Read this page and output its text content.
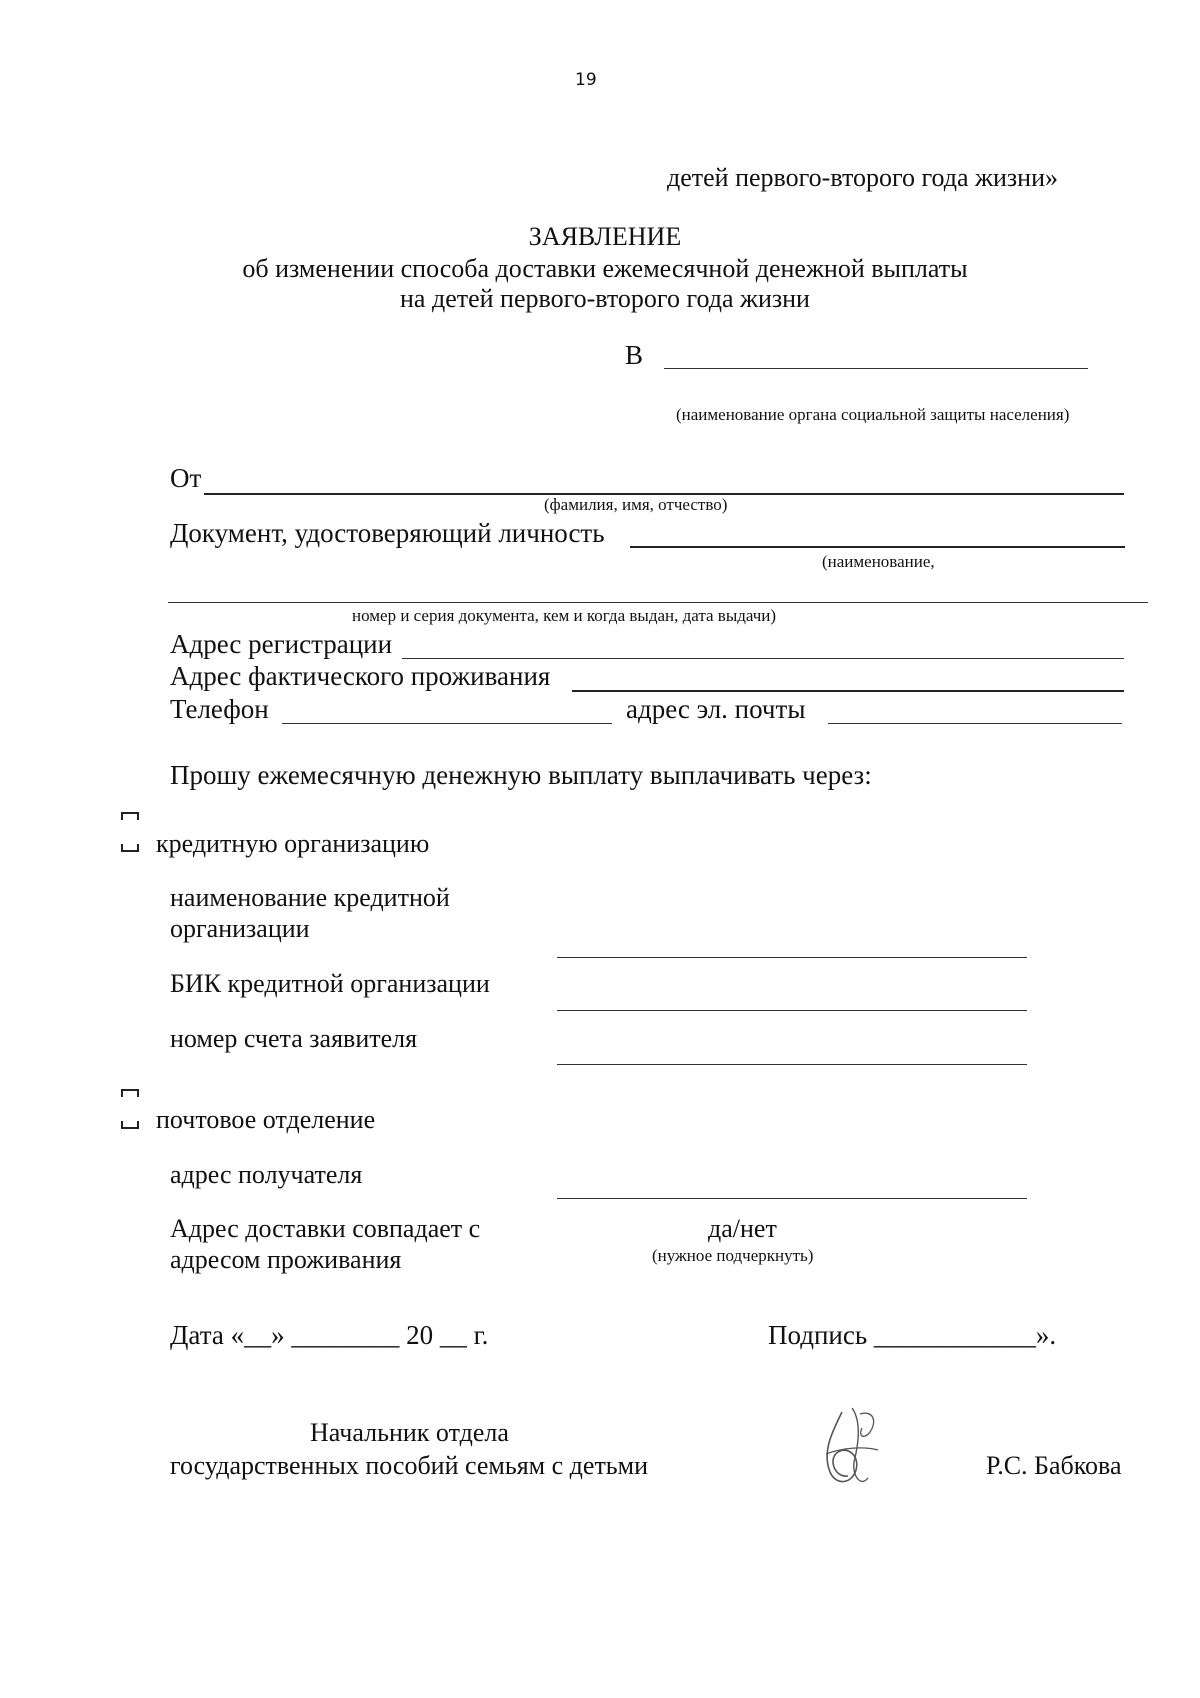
19
детей первого-второго года жизни»
ЗАЯВЛЕНИЕ
об изменении способа доставки ежемесячной денежной выплаты
на детей первого-второго года жизни
В
(наименование органа социальной защиты населения)
От
(фамилия, имя, отчество)
Документ, удостоверяющий личность
(наименование,
номер и серия документа, кем и когда выдан, дата выдачи)
Адрес регистрации
Адрес фактического проживания
Телефон	адрес эл. почты
Прошу ежемесячную денежную выплату выплачивать через:
кредитную организацию
наименование кредитной
организации
БИК кредитной организации
номер счета заявителя
почтовое отделение
адрес получателя
Адрес доставки совпадает с
адресом проживания
да/нет
(нужное подчеркнуть)
Дата «__» ________ 20 __ г.	Подпись ____________».
Начальник отдела
государственных пособий семьям с детьми	Р.С. Бабкова
